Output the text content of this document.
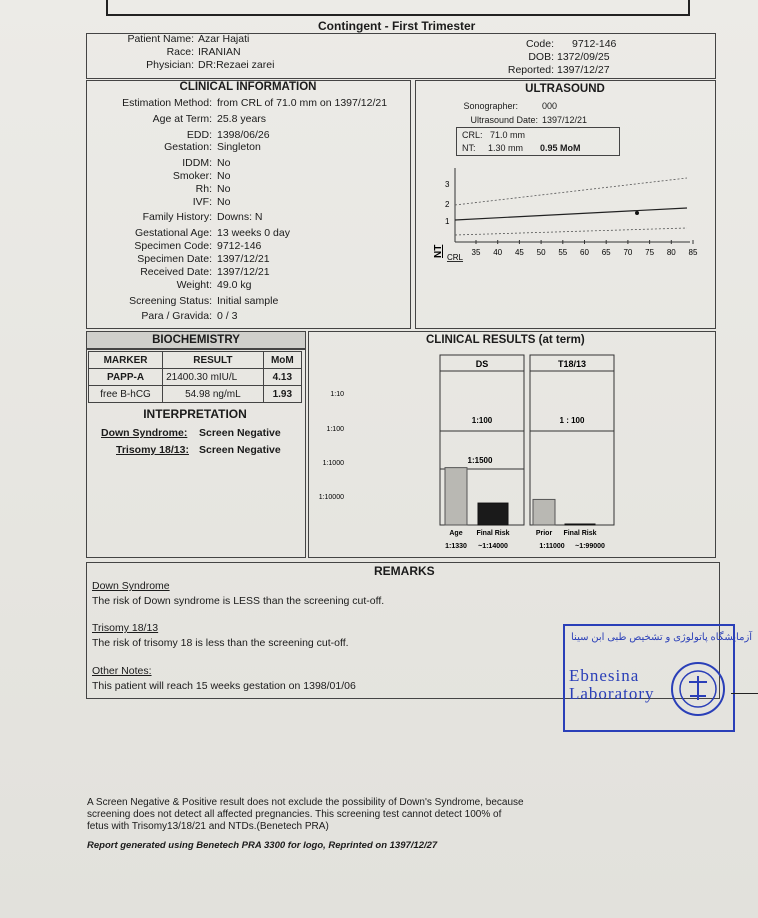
Contingent - First Trimester
Patient Name: Azar Hajati
Race: IRANIAN
Physician: DR:Rezaei zarei
Code: 9712-146
DOB: 1372/09/25
Reported: 1397/12/27
CLINICAL INFORMATION
Estimation Method: from CRL of 71.0 mm on 1397/12/21
Age at Term: 25.8 years
EDD: 1398/06/26
Gestation: Singleton
IDDM: No
Smoker: No
Rh: No
IVF: No
Family History: Downs: N
Gestational Age: 13 weeks 0 day
Specimen Code: 9712-146
Specimen Date: 1397/12/21
Received Date: 1397/12/21
Weight: 49.0 kg
Screening Status: Initial sample
Para / Gravida: 0 / 3
ULTRASOUND
Sonographer:	000
Ultrasound Date: 1397/12/21
CRL: 71.0 mm
NT: 1.30 mm 0.95 MoM
1
2
3
NT CRL
35 40 45 50 55 60 65 70 75 80 85
BIOCHEMISTRY
MARKER	RESULT	MoM
PAPP-A	21400.30 mIU/L	4.13
free B-hCG	54.98 ng/mL	1.93
INTERPRETATION
Down Syndrome: Screen Negative
Trisomy 18/13: Screen Negative
CLINICAL RESULTS (at term)
1:10
1:100
1:1000
1:10000
DS	T18/13
1:100	1 : 100
1:1500
Age Final Risk
1:1330 ~1:14000
Prior Final Risk
1:11000 ~1:99000
REMARKS
Down Syndrome
The risk of Down syndrome is LESS than the screening cut-off.
Trisomy 18/13
The risk of trisomy 18 is less than the screening cut-off.
Other Notes:
This patient will reach 15 weeks gestation on 1398/01/06
آزمایشگاه پاتولوژی و تشخیص طبی ابن سینا
Ebnesina
Laboratory
A Screen Negative & Positive result does not exclude the possibility of Down's Syndrome, because
screening does not detect all affected pregnancies. This screening test cannot detect 100% of
fetus with Trisomy13/18/21 and NTDs.(Benetech PRA)
Report generated using Benetech PRA 3300 for logo, Reprinted on 1397/12/27
